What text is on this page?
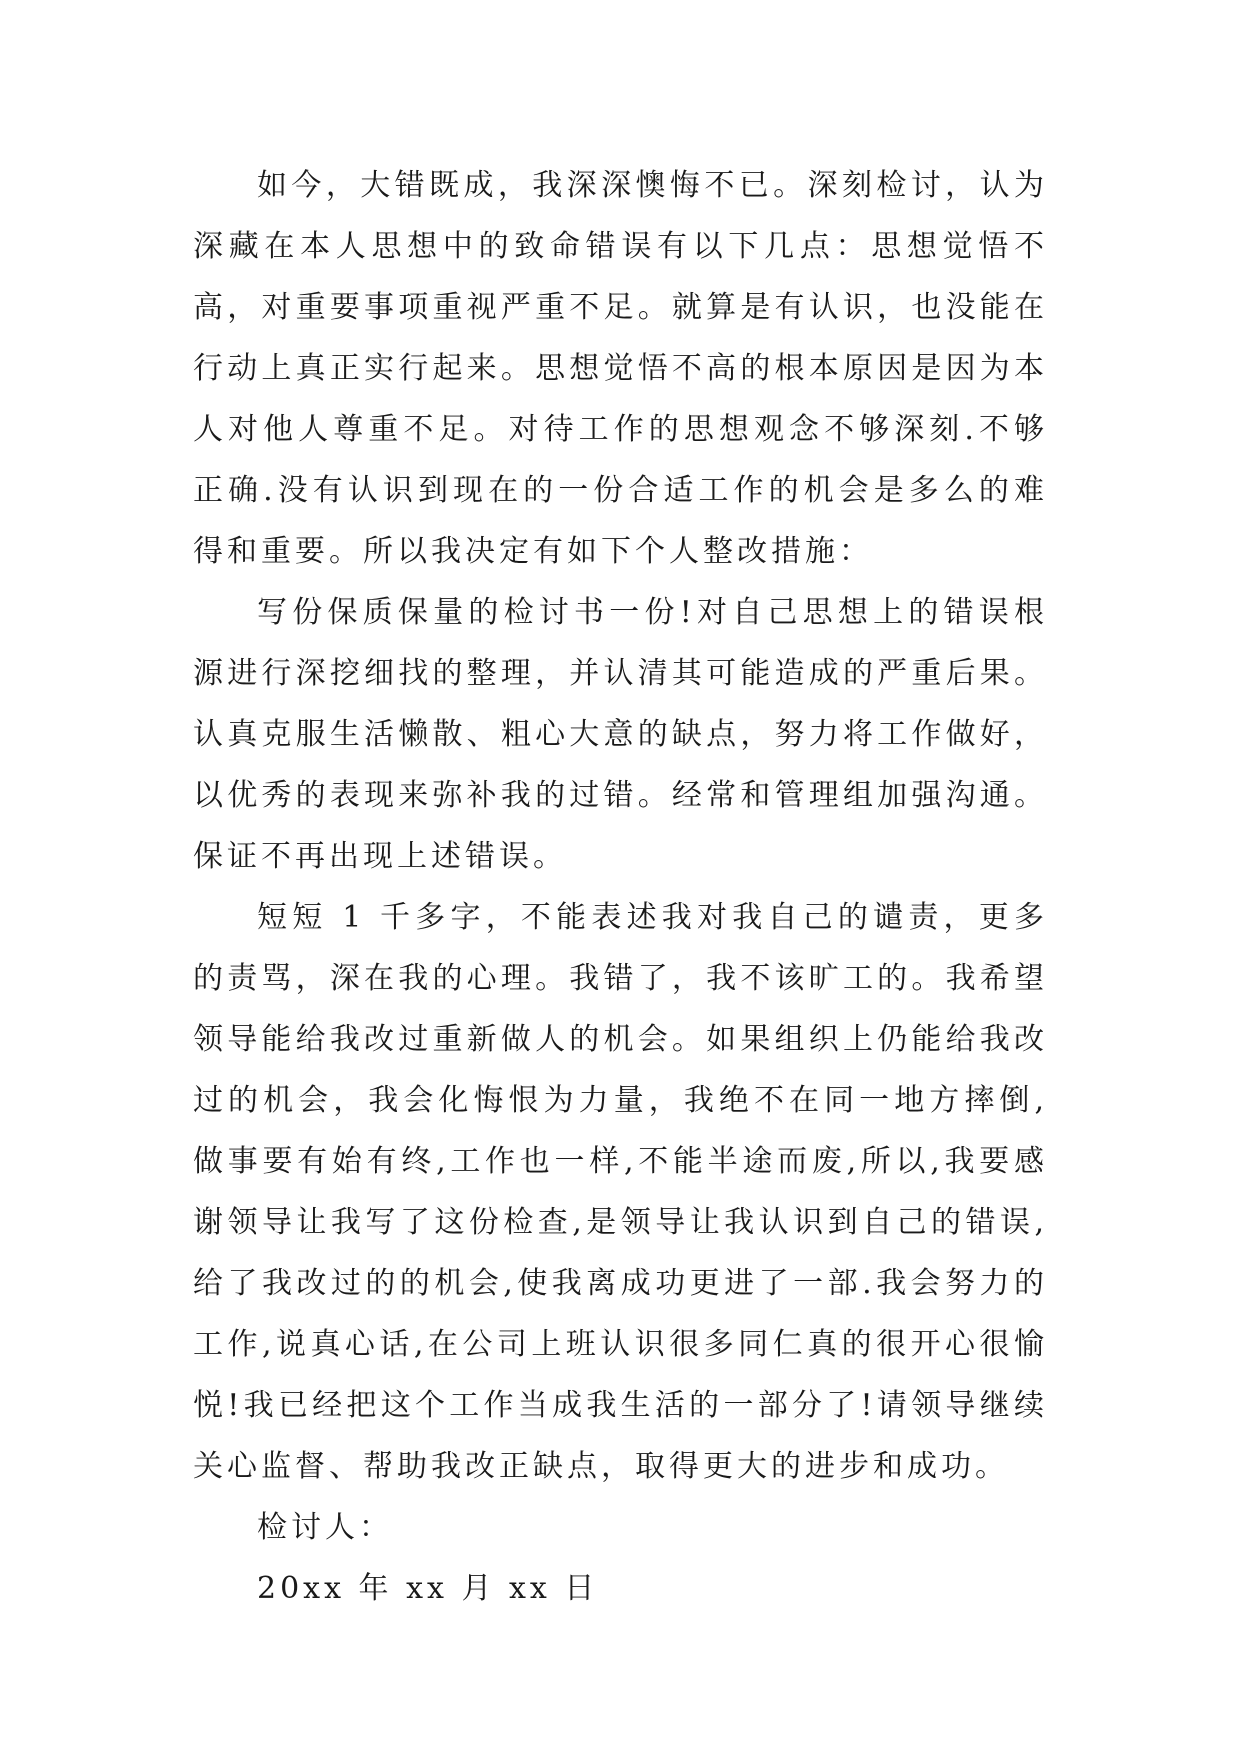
如今，大错既成，我深深懊悔不已。深刻检讨，认为深藏在本人思想中的致命错误有以下几点：思想觉悟不高，对重要事项重视严重不足。就算是有认识，也没能在行动上真正实行起来。思想觉悟不高的根本原因是因为本人对他人尊重不足。对待工作的思想观念不够深刻.不够正确.没有认识到现在的一份合适工作的机会是多么的难得和重要。所以我决定有如下个人整改措施：

写份保质保量的检讨书一份!对自己思想上的错误根源进行深挖细找的整理，并认清其可能造成的严重后果。认真克服生活懒散、粗心大意的缺点，努力将工作做好，以优秀的表现来弥补我的过错。经常和管理组加强沟通。保证不再出现上述错误。

短短 1 千多字，不能表述我对我自己的谴责，更多的责骂，深在我的心理。我错了，我不该旷工的。我希望领导能给我改过重新做人的机会。如果组织上仍能给我改过的机会，我会化悔恨为力量，我绝不在同一地方摔倒,做事要有始有终,工作也一样,不能半途而废,所以,我要感谢领导让我写了这份检查,是领导让我认识到自己的错误,给了我改过的的机会,使我离成功更进了一部.我会努力的工作,说真心话,在公司上班认识很多同仁真的很开心很愉悦!我已经把这个工作当成我生活的一部分了!请领导继续关心监督、帮助我改正缺点，取得更大的进步和成功。

检讨人：

20xx 年 xx 月 xx 日
